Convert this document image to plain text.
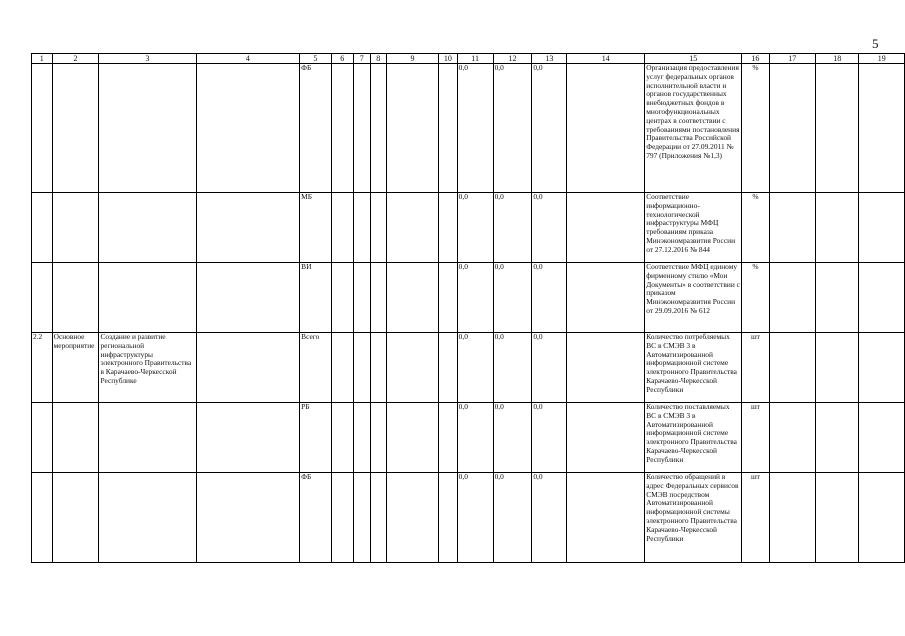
5
1	2	3	4	5	6	7	8	9	10	11	12	13	14	15	16	17	18	19
				ФБ						0,0	0,0	0,0		Организация предоставления услуг федеральных органов исполнительной власти и органов государственных внебюджетных фондов в многофункциональных центрах в соответствии с требованиями постановления Правительства Российской Федерации от 27.09.2011 № 797 (Приложения №1,3)	%			
				МБ						0,0	0,0	0,0		Соответствие информационно-технологической инфраструктуры МФЦ требованиям приказа Минэкономразвития России от 27.12.2016 № 844	%			
				ВИ						0,0	0,0	0,0		Соответствие МФЦ единому фирменному стилю «Мои Документы» в соответствии с приказом Минэкономразвития России от 29.09.2016 № 612	%			
2.2	Основное мероприятие	Создание и развитие региональной инфраструктуры электронного Правительства в Карачаево-Черкесской Республике		Всего						0,0	0,0	0,0		Количество потребляемых ВС в СМЭВ 3 в Автоматизированной информационной системе электронного Правительства Карачаево-Черкесской Республики	шт			
				РБ						0,0	0,0	0,0		Количество поставляемых ВС в СМЭВ 3 в Автоматизированной информационной системе электронного Правительства Карачаево-Черкесской Республики	шт			
				ФБ						0,0	0,0	0,0		Количество обращений в адрес Федеральных сервисов СМЭВ посредством Автоматизированной информационной системы электронного Правительства Карачаево-Черкесской Республики	шт			
